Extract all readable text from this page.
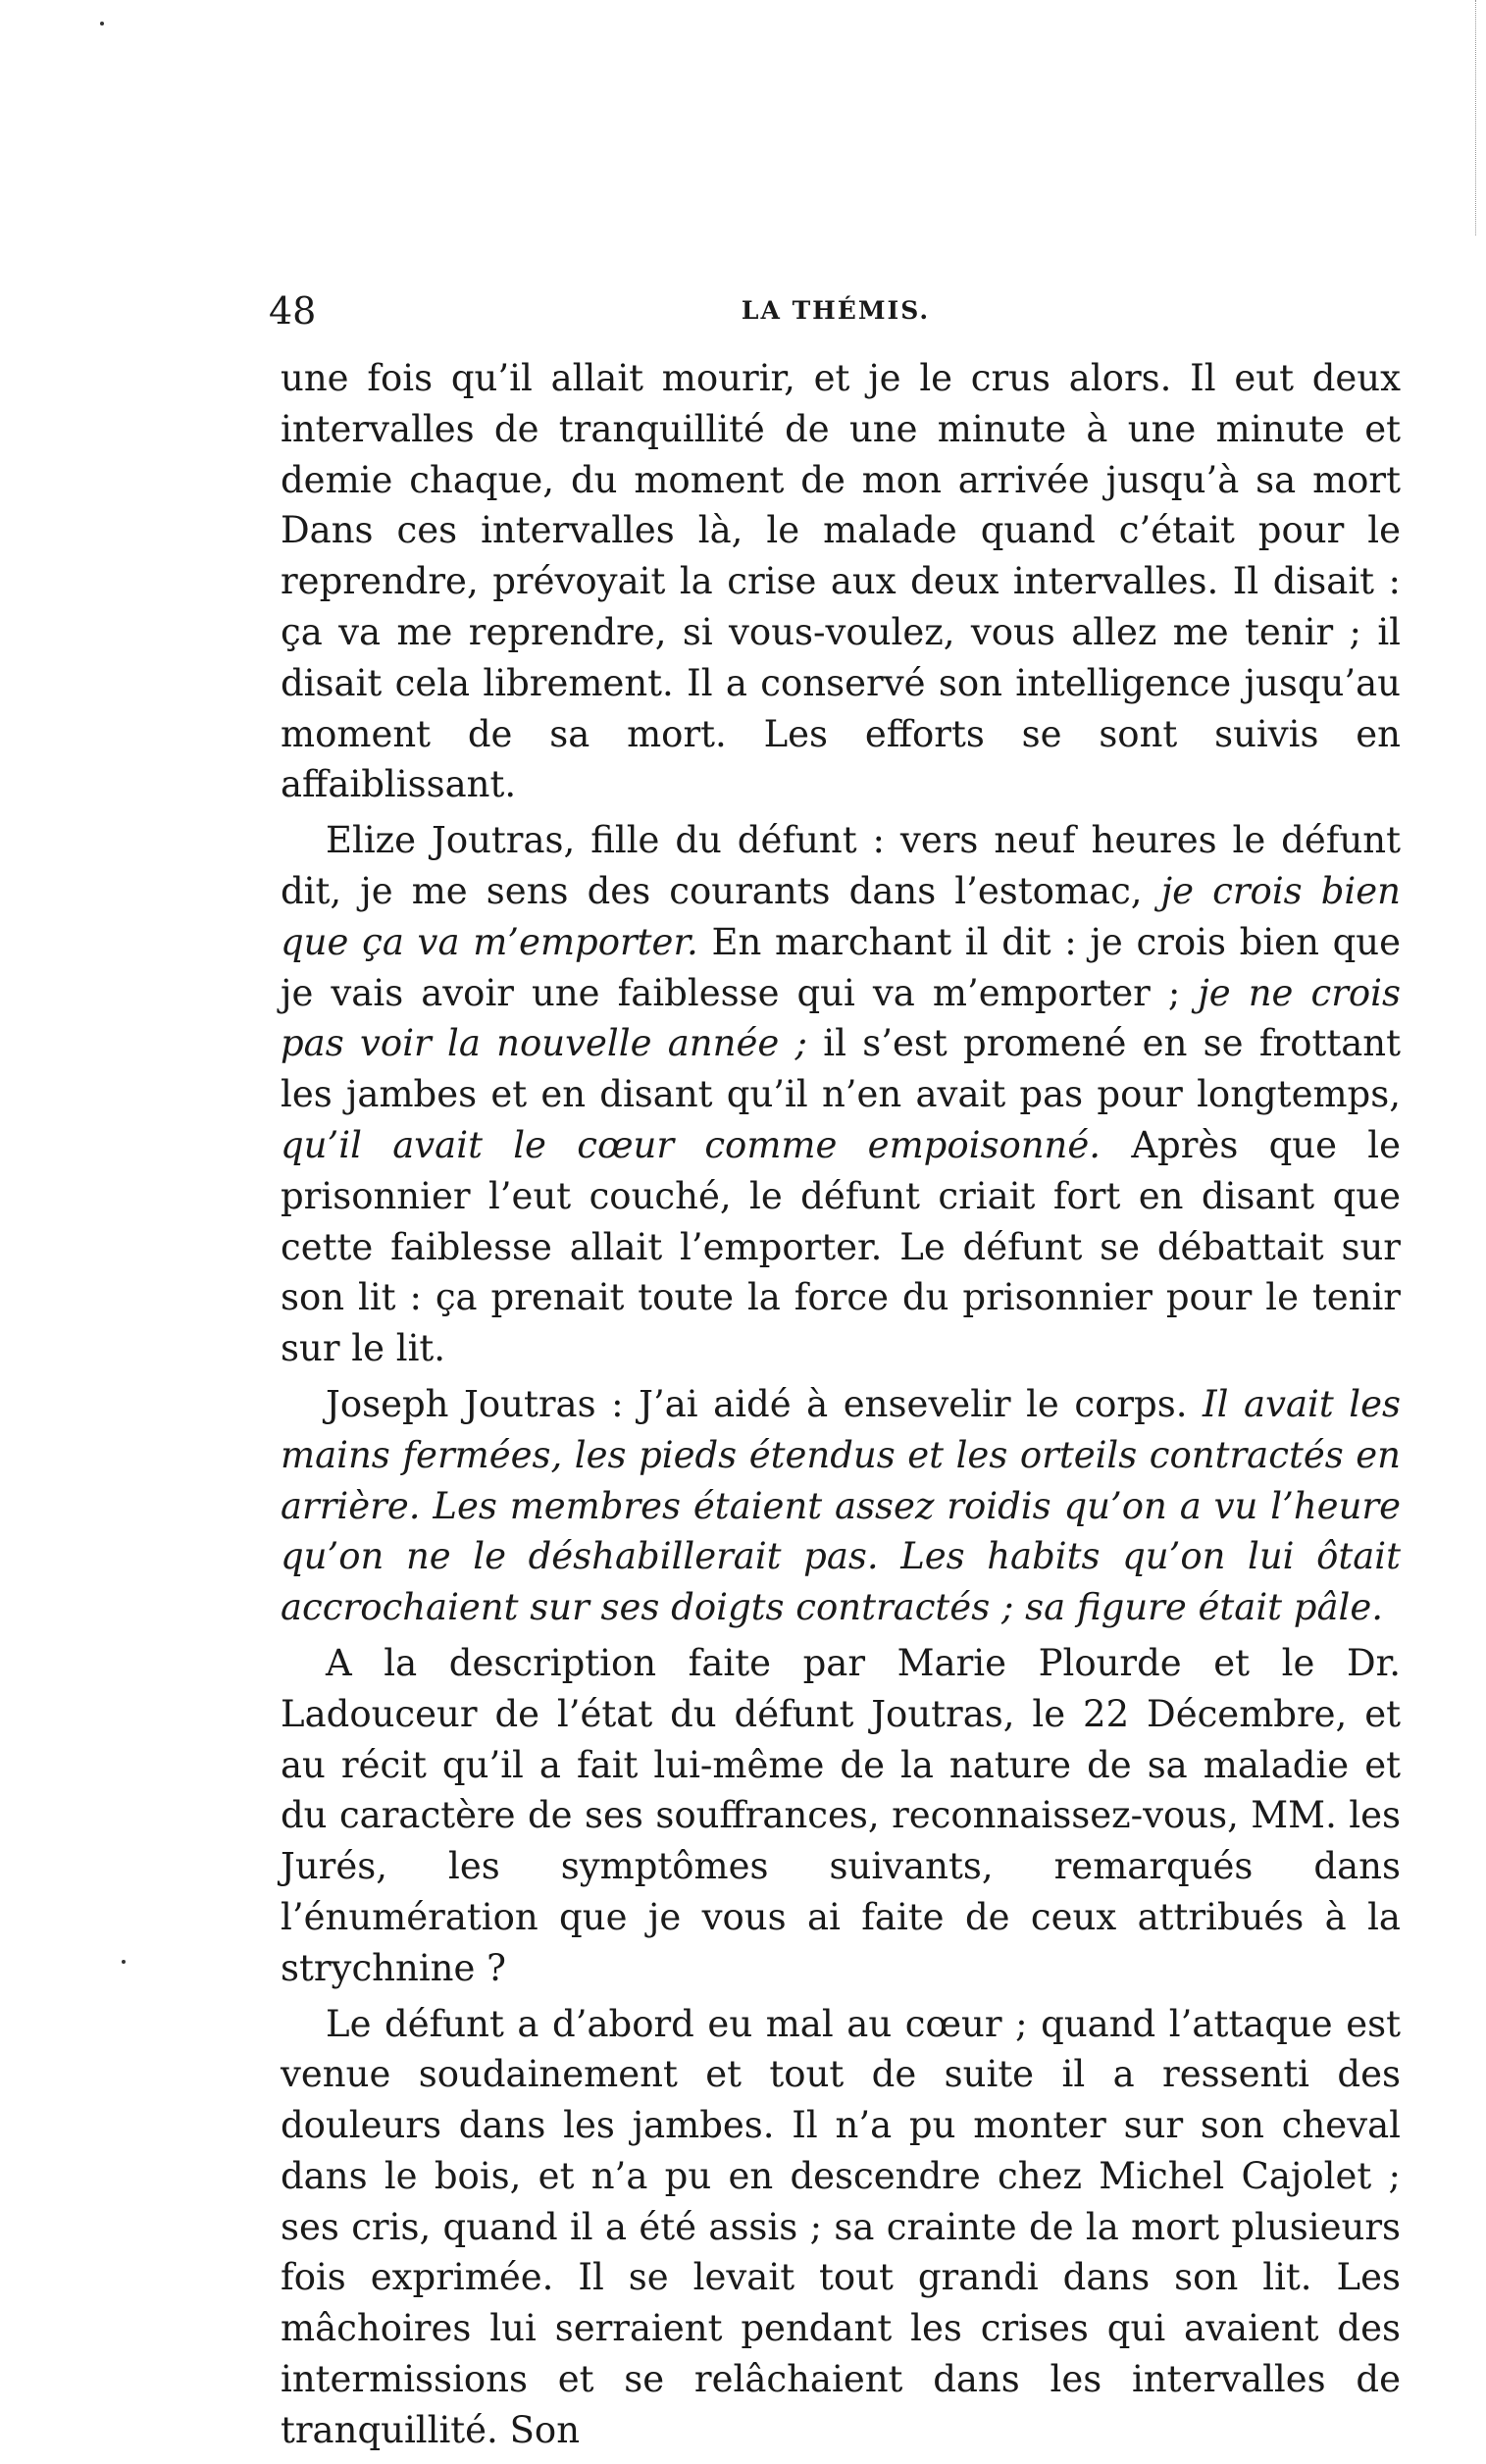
48	LA THÉMIS.

une fois qu’il allait mourir, et je le crus alors. Il eut deux intervalles de tranquillité de une minute à une minute et demie chaque, du moment de mon arrivée jusqu’à sa mort Dans ces intervalles là, le malade quand c’était pour le reprendre, prévoyait la crise aux deux intervalles. Il disait : ça va me reprendre, si vous-voulez, vous allez me tenir ; il disait cela librement. Il a conservé son intelligence jusqu’au moment de sa mort. Les efforts se sont suivis en affaiblissant.

Elize Joutras, fille du défunt : vers neuf heures le défunt dit, je me sens des courants dans l’estomac, je crois bien que ça va m’emporter. En marchant il dit : je crois bien que je vais avoir une faiblesse qui va m’emporter ; je ne crois pas voir la nouvelle année ; il s’est promené en se frottant les jambes et en disant qu’il n’en avait pas pour longtemps, qu’il avait le cœur comme empoisonné. Après que le prisonnier l’eut couché, le défunt criait fort en disant que cette faiblesse allait l’emporter. Le défunt se débattait sur son lit : ça prenait toute la force du prisonnier pour le tenir sur le lit.

Joseph Joutras : J’ai aidé à ensevelir le corps. Il avait les mains fermées, les pieds étendus et les orteils contractés en arrière. Les membres étaient assez roidis qu’on a vu l’heure qu’on ne le déshabillerait pas. Les habits qu’on lui ôtait accrochaient sur ses doigts contractés ; sa figure était pâle.

A la description faite par Marie Plourde et le Dr. Ladouceur de l’état du défunt Joutras, le 22 Décembre, et au récit qu’il a fait lui-même de la nature de sa maladie et du caractère de ses souffrances, reconnaissez-vous, MM. les Jurés, les symptômes suivants, remarqués dans l’énumération que je vous ai faite de ceux attribués à la strychnine ?

Le défunt a d’abord eu mal au cœur ; quand l’attaque est venue soudainement et tout de suite il a ressenti des douleurs dans les jambes. Il n’a pu monter sur son cheval dans le bois, et n’a pu en descendre chez Michel Cajolet ; ses cris, quand il a été assis ; sa crainte de la mort plusieurs fois exprimée. Il se levait tout grandi dans son lit. Les mâchoires lui serraient pendant les crises qui avaient des intermissions et se relâchaient dans les intervalles de tranquillité. Son
